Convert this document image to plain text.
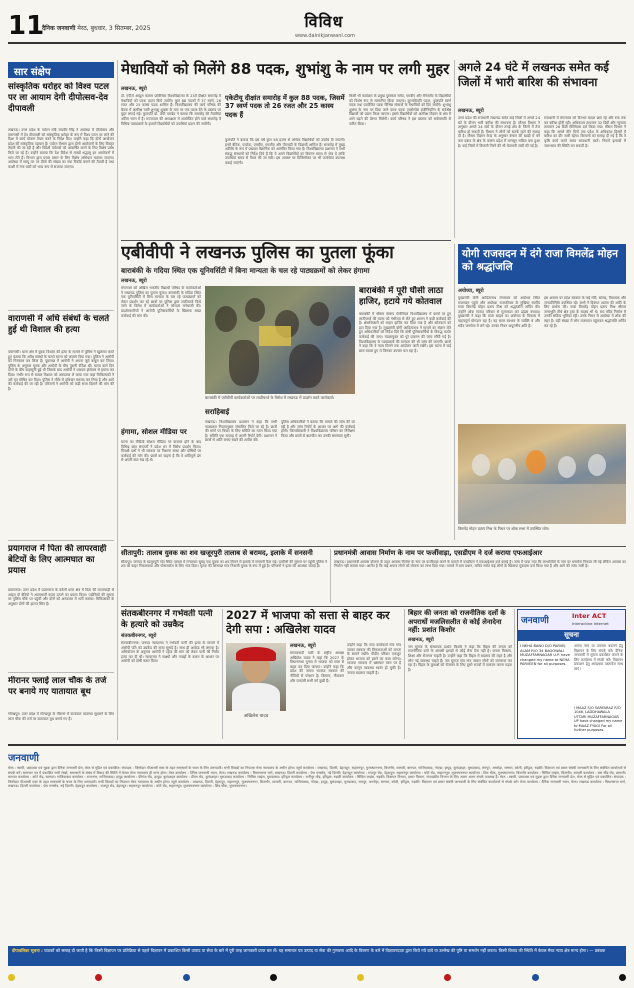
11
दैनिक जनवाणी मेरठ, बुधवार, 3 सितम्बर, 2025	विविध
www.dainikjanwani.com
सार संक्षेप
सांस्कृतिक धरोहर को विश्व पटल पर ला आयाम देगी दीपोत्सव-देव दीपावली
लखनऊ। उत्तर प्रदेश के पर्यटन मंत्री जयवीर सिंह ने अयोध्या में दीपोत्सव और वाराणसी में देव दीपावली को सांस्कृतिक धरोहर के रूप में विश्व पटल पर लाने की दिशा में कार्य योजना तैयार करने के निर्देश दिए। उन्होंने कहा कि दोनों आयोजन प्रदेश की सांस्कृतिक पहचान हैं। पर्यटन विभाग द्वारा दोनों आयोजनों के लिए विस्तृत तैयारी की जा रही है और विदेशी पर्यटकों को आकर्षित करने के लिए विशेष प्रबंध किये जा रहे हैं। उन्होंने बताया कि देश विदेश से लाखों श्रद्धालु इन आयोजनों में भाग लेते हैं। विभाग द्वारा प्रचार प्रसार के लिए विशेष अभियान चलाया जाएगा। अयोध्या में सरयू तट पर दीयों की संख्या का नया रिकॉर्ड बनाने की तैयारी है तथा काशी में गंगा घाटों को भव्य रूप से सजाया जाएगा।
वाराणसी में अधि संबंधों के चलते हुई थी विशाल की हत्या
वाराणसी। थाना क्षेत्र में युवक विशाल की हत्या के मामले में पुलिस ने खुलासा करते हुए बताया कि अवैध संबंधों के चलते घटना को अंजाम दिया गया। पुलिस ने आरोपी को गिरफ्तार कर लिया है। पूछताछ में आरोपी ने अपना जुर्म कबूल कर लिया। पुलिस के अनुसार मृतक और आरोपी के बीच पुरानी रंजिश थी। घटना वाले दिन दोनों के बीच कहासुनी हुई थी जिसके बाद आरोपी ने धारदार हथियार से हमला कर दिया। गंभीर रूप से घायल विशाल को अस्पताल ले जाया गया जहां चिकित्सकों ने उसे मृत घोषित कर दिया। पुलिस ने मौके से हथियार बरामद कर लिया है और आगे की कार्रवाई की जा रही है। परिजनों ने आरोपी को कड़ी सजा दिलाने की मांग की है।
प्रयागराज में पिता की लापरवाही बेटियों के लिए आत्मघात का प्रयास
प्रयागराज। उत्तर प्रदेश में प्रयागराज के करेली थाना क्षेत्र में पिता की लापरवाही से आहत दो बेटियों ने आत्मघाती कदम उठाने का प्रयास किया। पड़ोसियों की सूचना पर पुलिस मौके पर पहुंची और दोनों को अस्पताल में भर्ती कराया। चिकित्सकों के अनुसार दोनों की हालत स्थिर है।
मीरानर फ्लाई लाल चौक के तर्ज पर बनाये गए यातायात बूथ
गोरखपुर। उत्तर प्रदेश में गोरखपुर के मीरानर में यातायात व्यवस्था सुधारने के लिए लाल चौक की तर्ज पर यातायात बूथ बनाये गए हैं।
मेधावियों को मिलेंगे 88 पदक, शुभांशु के नाम पर लगी मुहर
लखनऊ, ब्यूरो
डॉ. एपीजे अब्दुल कलाम प्राविधिक विश्वविद्यालय के 23वें दीक्षांत समारोह में मेधावियों को पदक प्रदान किये जायेंगे। कुल 88 पदकों में 37 स्वर्ण, 26 रजत और 25 कास्य पदक शामिल हैं। विश्वविद्यालय की कार्य परिषद की बैठक में अंतरिक्ष यात्री शुभांशु शुक्ला के नाम पर एक पदक देने के प्रस्ताव पर मुहर लगाई गई। कुलपति प्रो. जेपी पाण्डेय ने बताया कि समारोह की तैयारियां अंतिम चरण में हैं। राज्यपाल की अध्यक्षता में आयोजित होने वाले समारोह में विभिन्न पाठ्यक्रमों के हजारों विद्यार्थियों को उपाधियां प्रदान की जायेंगी।
एकेटीयू दीक्षांत समारोह में कुल 88 पदक, जिसमें 37 स्वर्ण पदक तो 26 रजत और 25 कास्य पदक हैं
कुलपति ने बताया कि इस वर्ष कुल 58 हजार से अधिक विद्यार्थियों को उपाधि दी जाएगी। इनमें बीटेक, एमटेक, एमबीए, एमसीए और पीएचडी के विद्यार्थी शामिल हैं। समारोह में मुख्य अतिथि के रूप में प्रख्यात वैज्ञानिक को आमंत्रित किया गया है। विश्वविद्यालय प्रशासन ने सभी संबद्ध संस्थानों को निर्देश दिये हैं कि वे अपने विद्यार्थियों का विवरण समय से भेज दें ताकि उपाधियां समय से तैयार की जा सकें। इस अवसर पर डिजिलॉकर पर भी उपाधियां उपलब्ध कराई जाएंगी।
किसी भी कार्यक्रम के प्रमुख पुरस्कार समेत, एमबीए और मैनेजमेंट के विद्यार्थियों को विशेष रूप से सम्मानित किया जाएगा। कुलाधिपति पदक, कुलपति स्वर्ण पदक तथा प्रायोजित पदक विभिन्न संकायों के मेधावियों को दिए जायेंगे। शुभांशु शुक्ला के नाम पर दिया जाने वाला पदक एयरोस्पेस इंजीनियरिंग के सर्वश्रेष्ठ विद्यार्थी को प्रदान किया जाएगा। इससे विद्यार्थियों को अंतरिक्ष विज्ञान के क्षेत्र में आगे बढ़ने की प्रेरणा मिलेगी। कार्य परिषद ने इस प्रस्ताव को सर्वसम्मति से पारित किया।
अगले 24 घंटे में लखनऊ समेत कई जिलों में भारी बारिश की संभावना
लखनऊ, ब्यूरो
उत्तर प्रदेश की राजधानी लखनऊ समेत कई जिलों में अगले 24 घंटे के दौरान भारी बारिश की संभावना है। मौसम विभाग ने अनुसार अगले 24 घंटों के दौरान तराई क्षेत्र के जिलों में तेज बारिश हो सकती है। विभाग ने लोगों को सतर्क रहने की सलाह दी है। मौसम विज्ञान केन्द्र के अनुसार बंगाल की खाड़ी में बने कम दबाव के क्षेत्र के कारण प्रदेश में मानसून सक्रिय बना हुआ है। कई जिलों में बिजली गिरने की भी चेतावनी जारी की गई है।
राजधानी में मंगलवार को दिनभर बादल छाए रहे और रुक रुक कर बारिश होती रही। अधिकतम तापमान 32 डिग्री और न्यूनतम तापमान 26 डिग्री सेल्सियस दर्ज किया गया। मौसम विभाग ने कहा कि अगले तीन दिनों तक प्रदेश के अधिकांश हिस्सों में बारिश का दौर जारी रहेगा। किसानों को सलाह दी गई है कि वे कृषि कार्य करते समय सावधानी बरतें। निचले इलाकों में जलभराव की स्थिति बन सकती है।
एबीवीपी ने लखनऊ पुलिस का पुतला फूंका
बाराबंकी के गदिया स्थित एक यूनिवर्सिटी में बिना मान्यता के चल रहे पाठ्यक्रमों को लेकर हंगामा
लखनऊ, ब्यूरो
मंगलवार को अखिल भारतीय विद्यार्थी परिषद के कार्यकर्ताओं ने लखनऊ पुलिस का पुतला फूंका। बाराबंकी के गदिया स्थित एक यूनिवर्सिटी में बिना मान्यता के चल रहे पाठ्यक्रमों को लेकर प्रदर्शन कर रहे छात्रों पर पुलिस द्वारा लाठीचार्ज किये जाने के विरोध में कार्यकर्ताओं ने जोरदार नारेबाजी की। प्रदर्शनकारियों ने आरोपी पुलिसकर्मियों के खिलाफ सख्त कार्रवाई की मांग की।
बाराबंकी में एबीवीपी कार्यकर्ताओं पर लाठीचार्ज के विरोध में लखनऊ में प्रदर्शन करते कार्यकर्ता।
बाराबंकी में पूरी घौसी लाठा हाजिर, हटाये गये कोतवाल
बाराबंकी में श्रीराम स्वरूप मेमोरियल विश्वविद्यालय में छात्रों पर हुए लाठीचार्ज की घटना को गंभीरता से लेते हुए शासन ने कड़ी कार्रवाई की है। क्षेत्राधिकारी को लाइन हाजिर कर दिया गया है और कोतवाल को हटा दिया गया है। मुख्यमंत्री योगी आदित्यनाथ ने मामले का संज्ञान लेते हुए अधिकारियों को निर्देश दिये कि दोषी पुलिसकर्मियों के विरुद्ध कठोर कार्रवाई की जाए। मंडलायुक्त को पूरे प्रकरण की जांच सौंपी गई है। विश्वविद्यालय के पाठ्यक्रमों की मान्यता की भी जांच की जाएगी। छात्रों ने कहा कि वे न्याय मिलने तक आंदोलन जारी रखेंगे। इस घटना में कई छात्र घायल हुए थे जिनका उपचार चल रहा है।
हंगामा, सोशल मीडिया पर
घटना का वीडियो सोशल मीडिया पर वायरल होने के बाद विभिन्न छात्र संगठनों ने प्रदेश भर में विरोध प्रदर्शन किया। विपक्षी दलों ने भी सरकार पर निशाना साधा और दोषियों पर कार्रवाई की मांग की। छात्रों का कहना है कि वे शांतिपूर्ण ढंग से अपनी बात रख रहे थे।
सराहिबाई
लखनऊ। विश्वविद्यालय प्रशासन ने कहा कि सभी पाठ्यक्रम नियमानुसार संचालित किये जा रहे हैं। छात्रों की मांगों पर विचार के लिए समिति का गठन किया गया है। समिति एक सप्ताह में अपनी रिपोर्ट देगी। प्रशासन ने छात्रों से शांति बनाए रखने की अपील की।
पुलिस अधिकारियों ने बताया कि मामले की जांच की जा रही है और जांच रिपोर्ट के आधार पर आगे की कार्रवाई होगी। जिलाधिकारी ने विश्वविद्यालय परिसर का निरीक्षण किया और छात्रों से बातचीत कर उनकी समस्याएं सुनीं।
योगी राजसदन में दंगे राजा विमलेंद्र मोहन को श्रद्धांजलि
अयोध्या, ब्यूरो
मुख्यमंत्री योगी आदित्यनाथ मंगलवार को अयोध्या स्थित राजसदन पहुंचे और अयोध्या राजपरिवार के मुखिया स्वर्गीय राजा विमलेंद्र मोहन प्रताप मिश्र को श्रद्धांजलि अर्पित की। उन्होंने शोक संतप्त परिवार से मुलाकात कर ढांढस बंधाया। मुख्यमंत्री ने कहा कि राजा साहब का अयोध्या के विकास में महत्वपूर्ण योगदान रहा है। वह सरल स्वभाव के व्यक्ति थे और सदैव जनसेवा में लगे रहे। उनका निधन अपूरणीय क्षति है।
इस अवसर पर प्रदेश सरकार के कई मंत्री, सांसद, विधायक और जनप्रतिनिधि उपस्थित रहे। सभी ने दिवंगत आत्मा की शांति के लिए प्रार्थना की। राजा विमलेंद्र मोहन प्रताप मिश्र श्रीराम जन्मभूमि तीर्थ क्षेत्र ट्रस्ट के सदस्य भी थे। राम मंदिर निर्माण में उनकी सक्रिय भूमिका रही। उनके निधन से अयोध्या में शोक की लहर है। बड़ी संख्या में लोग राजसदन पहुंचकर श्रद्धांजलि अर्पित कर रहे हैं।
विमलेंद्र मोहन प्रताप मिश्र के निधन पर शोक सभा में उपस्थित लोग।
सीतापुरी: तालाब युवक का शव खजूरपुरी तालाब से बरामद, इलाके में सनसनी
सीतापुर। जनपद के खजूरपुरी गांव स्थित तालाब में मंगलवार सुबह एक युवक का शव मिलने से इलाके में सनसनी फैल गई। ग्रामीणों की सूचना पर पहुंची पुलिस ने शव को बाहर निकलवाया और पोस्टमार्टम के लिए भेज दिया। मृतक की शिनाख्त गांव निवासी युवक के रूप में हुई है। परिजनों ने हत्या की आशंका जताई है।
प्रधानमंत्री आवास निर्माण के नाम पर फर्जीवाड़ा, एसडीएम ने दर्ज कराया एफआईआर
लखनऊ। प्रधानमंत्री आवास योजना के तहत आवास निर्माण के नाम पर फर्जीवाड़ा करने के मामले में एसडीएम ने एफआईआर दर्ज कराई है। जांच में पाया गया कि लाभार्थियों के नाम पर धनराशि निकाल ली गई लेकिन आवास का निर्माण नहीं कराया गया। आरोप है कि कई अपात्र लोगों को योजना का लाभ दिया गया। मामले में ग्राम प्रधान, सचिव समेत कई लोगों के खिलाफ मुकदमा दर्ज किया गया है और आगे की जांच जारी है।
संतकबीरनगर में गर्भवती पत्नी के हत्यारे को उम्रकैद
संतकबीरनगर, ब्यूरो
संतकबीरनगर। जनपद न्यायालय ने गर्भवती पत्नी की हत्या के मामले में आरोपी पति को उम्रकैद की सजा सुनाई है। साथ ही अर्थदंड भी लगाया है। अभियोजन के अनुसार आरोपी ने दहेज की मांग को लेकर पत्नी की निर्मम हत्या कर दी थी। न्यायालय ने साक्ष्यों और गवाहों के बयान के आधार पर आरोपी को दोषी करार दिया।
2027 में भाजपा को सत्ता से बाहर कर देगी सपा : अखिलेश यादव
अखिलेश यादव
लखनऊ, ब्यूरो
समाजवादी पार्टी के राष्ट्रीय अध्यक्ष अखिलेश यादव ने कहा कि 2027 के विधानसभा चुनाव में भाजपा को सत्ता से बाहर कर दिया जाएगा। उन्होंने कहा कि प्रदेश की जनता भाजपा सरकार की नीतियों से परेशान है। किसान, नौजवान और व्यापारी सभी वर्ग दुखी हैं।
उन्होंने कहा कि सपा कार्यकर्ता गांव गांव जाकर सरकार की विफलताओं को जनता के सामने रखेंगे। पीडीए परिवार एकजुट होकर भाजपा को हराने का काम करेगा। भाजपा सरकार में भ्रष्टाचार चरम पर है और कानून व्यवस्था ध्वस्त हो चुकी है। जनता बदलाव चाहती है।
बिहार की जनता को राजनीतिक दलों के अपराधों मजलिसलीत से कोई लेनादेना नहीं: प्रशांत किशोर
लखनऊ, ब्यूरो
जन सुराज के संस्थापक प्रशांत किशोर ने कहा कि बिहार की जनता को राजनीतिक दलों के आपसी झगड़ों से कोई लेना देना नहीं है। जनता विकास, शिक्षा और रोजगार चाहती है। उन्होंने कहा कि बिहार में बदलाव की लहर है और लोग नई व्यवस्था चाहते हैं। जन सुराज गांव गांव जाकर लोगों को जागरूक कर रहा है। बिहार के युवाओं को रोजगार के लिए दूसरे राज्यों में पलायन करना पड़ता है।
जनवाणी	Inter ACT
Interactive Internet
सूचना
I NEHA BANO D/O PARVEJ ALAM R/O 34 BAGOWALI MUZAFFARNAGAR U.P. have changed my name to NEHA PARVEEN for all purposes.
अपना नाम या उपनाम बदलने हेतु विज्ञापन के लिए संपर्क करें। दैनिक जनवाणी में सूचना प्रकाशित कराने के लिए कार्यालय में संपर्क करें। विज्ञापन प्रकाशन हेतु आवश्यक दस्तावेज साथ लाएं।
I MAAZ S/O SARFARAZ R/O 1046, LADDHAWALA UTTARI MUZAFFARNAGAR UP have changed my name to MAAZ FYAGI For all further purposes.
जनवाणी
मेरठ : स्वामी, प्रकाशक एवं मुद्रक द्वारा दैनिक जनवाणी प्रेस, मेरठ से मुद्रित एवं प्रकाशित। संपादक : जिम्मेदार पीआरबी एक्ट के तहत समाचारों के चयन के लिए उत्तरदायी। सभी विवादों का निपटारा मेरठ न्यायालय के अधीन होगा। ब्यूरो कार्यालय : लखनऊ, दिल्ली, देहरादून, सहारनपुर, मुजफ्फरनगर, बिजनौर, शामली, बागपत, गाजियाबाद, नोएडा, हापुड़, बुलंदशहर, मुरादाबाद, रामपुर, अमरोहा, सम्भल, बरेली, हरिद्वार, रुड़की। विज्ञापन एवं प्रसार संबंधी जानकारी के लिए संबंधित कार्यालयों से संपर्क करें। समाचार पत्र में प्रकाशित सभी लेखों, समाचारों के संबंध में विवाद की स्थिति में केवल मेरठ न्यायालय ही मान्य होगा। मेरठ कार्यालय : दैनिक जनवाणी भवन, मेरठ। लखनऊ कार्यालय : विधानसभा मार्ग, लखनऊ। दिल्ली कार्यालय : प्रेस एन्क्लेव, नई दिल्ली। देहरादून कार्यालय : राजपुर रोड, देहरादून। सहारनपुर कार्यालय : कोर्ट रोड, सहारनपुर। मुजफ्फरनगर कार्यालय : शिव चौक, मुजफ्फरनगर। बिजनौर कार्यालय : सिविल लाइंस, बिजनौर। शामली कार्यालय : बस स्टैंड रोड, शामली। बागपत कार्यालय : कोर्ट रोड, बागपत। गाजियाबाद कार्यालय : राजनगर, गाजियाबाद। हापुड़ कार्यालय : फ्रीगंज रोड, हापुड़। बुलंदशहर कार्यालय : डीएम रोड, बुलंदशहर। मुरादाबाद कार्यालय : सिविल लाइंस, मुरादाबाद। हरिद्वार कार्यालय : रानीपुर मोड़, हरिद्वार। रुड़की कार्यालय : सिविल लाइंस, रुड़की। विज्ञापन विभाग, प्रसार विभाग, संपादकीय विभाग के लिए अलग अलग संपर्क उपलब्ध हैं। मेरठ : स्वामी, प्रकाशक एवं मुद्रक द्वारा दैनिक जनवाणी प्रेस, मेरठ से मुद्रित एवं प्रकाशित। संपादक : जिम्मेदार पीआरबी एक्ट के तहत समाचारों के चयन के लिए उत्तरदायी। सभी विवादों का निपटारा मेरठ न्यायालय के अधीन होगा। ब्यूरो कार्यालय : लखनऊ, दिल्ली, देहरादून, सहारनपुर, मुजफ्फरनगर, बिजनौर, शामली, बागपत, गाजियाबाद, नोएडा, हापुड़, बुलंदशहर, मुरादाबाद, रामपुर, अमरोहा, सम्भल, बरेली, हरिद्वार, रुड़की। विज्ञापन एवं प्रसार संबंधी जानकारी के लिए संबंधित कार्यालयों से संपर्क करें। मेरठ कार्यालय : दैनिक जनवाणी भवन, मेरठ। लखनऊ कार्यालय : विधानसभा मार्ग, लखनऊ। दिल्ली कार्यालय : प्रेस एन्क्लेव, नई दिल्ली। देहरादून कार्यालय : राजपुर रोड, देहरादून। सहारनपुर कार्यालय : कोर्ट रोड, सहारनपुर। मुजफ्फरनगर कार्यालय : शिव चौक, मुजफ्फरनगर।
दीपावलिका सूचना : पाठकों को सलाह दी जाती है कि किसी विज्ञापन पर प्रतिक्रिया से पहले विज्ञापन में प्रकाशित किसी उत्पाद या सेवा के बारे में पूरी तरह जानकारी प्राप्त कर लें। यह समाचार पत्र उत्पाद या सेवा की गुणवत्ता आदि के विवरण के बारे में विज्ञापनदाता द्वारा किये गये दावे या उल्लेख की पुष्टि या समर्थन नहीं करता। किसी विवाद की स्थिति में केवल मेरठ न्याय क्षेत्र मान्य होगा। — प्रबंधक
